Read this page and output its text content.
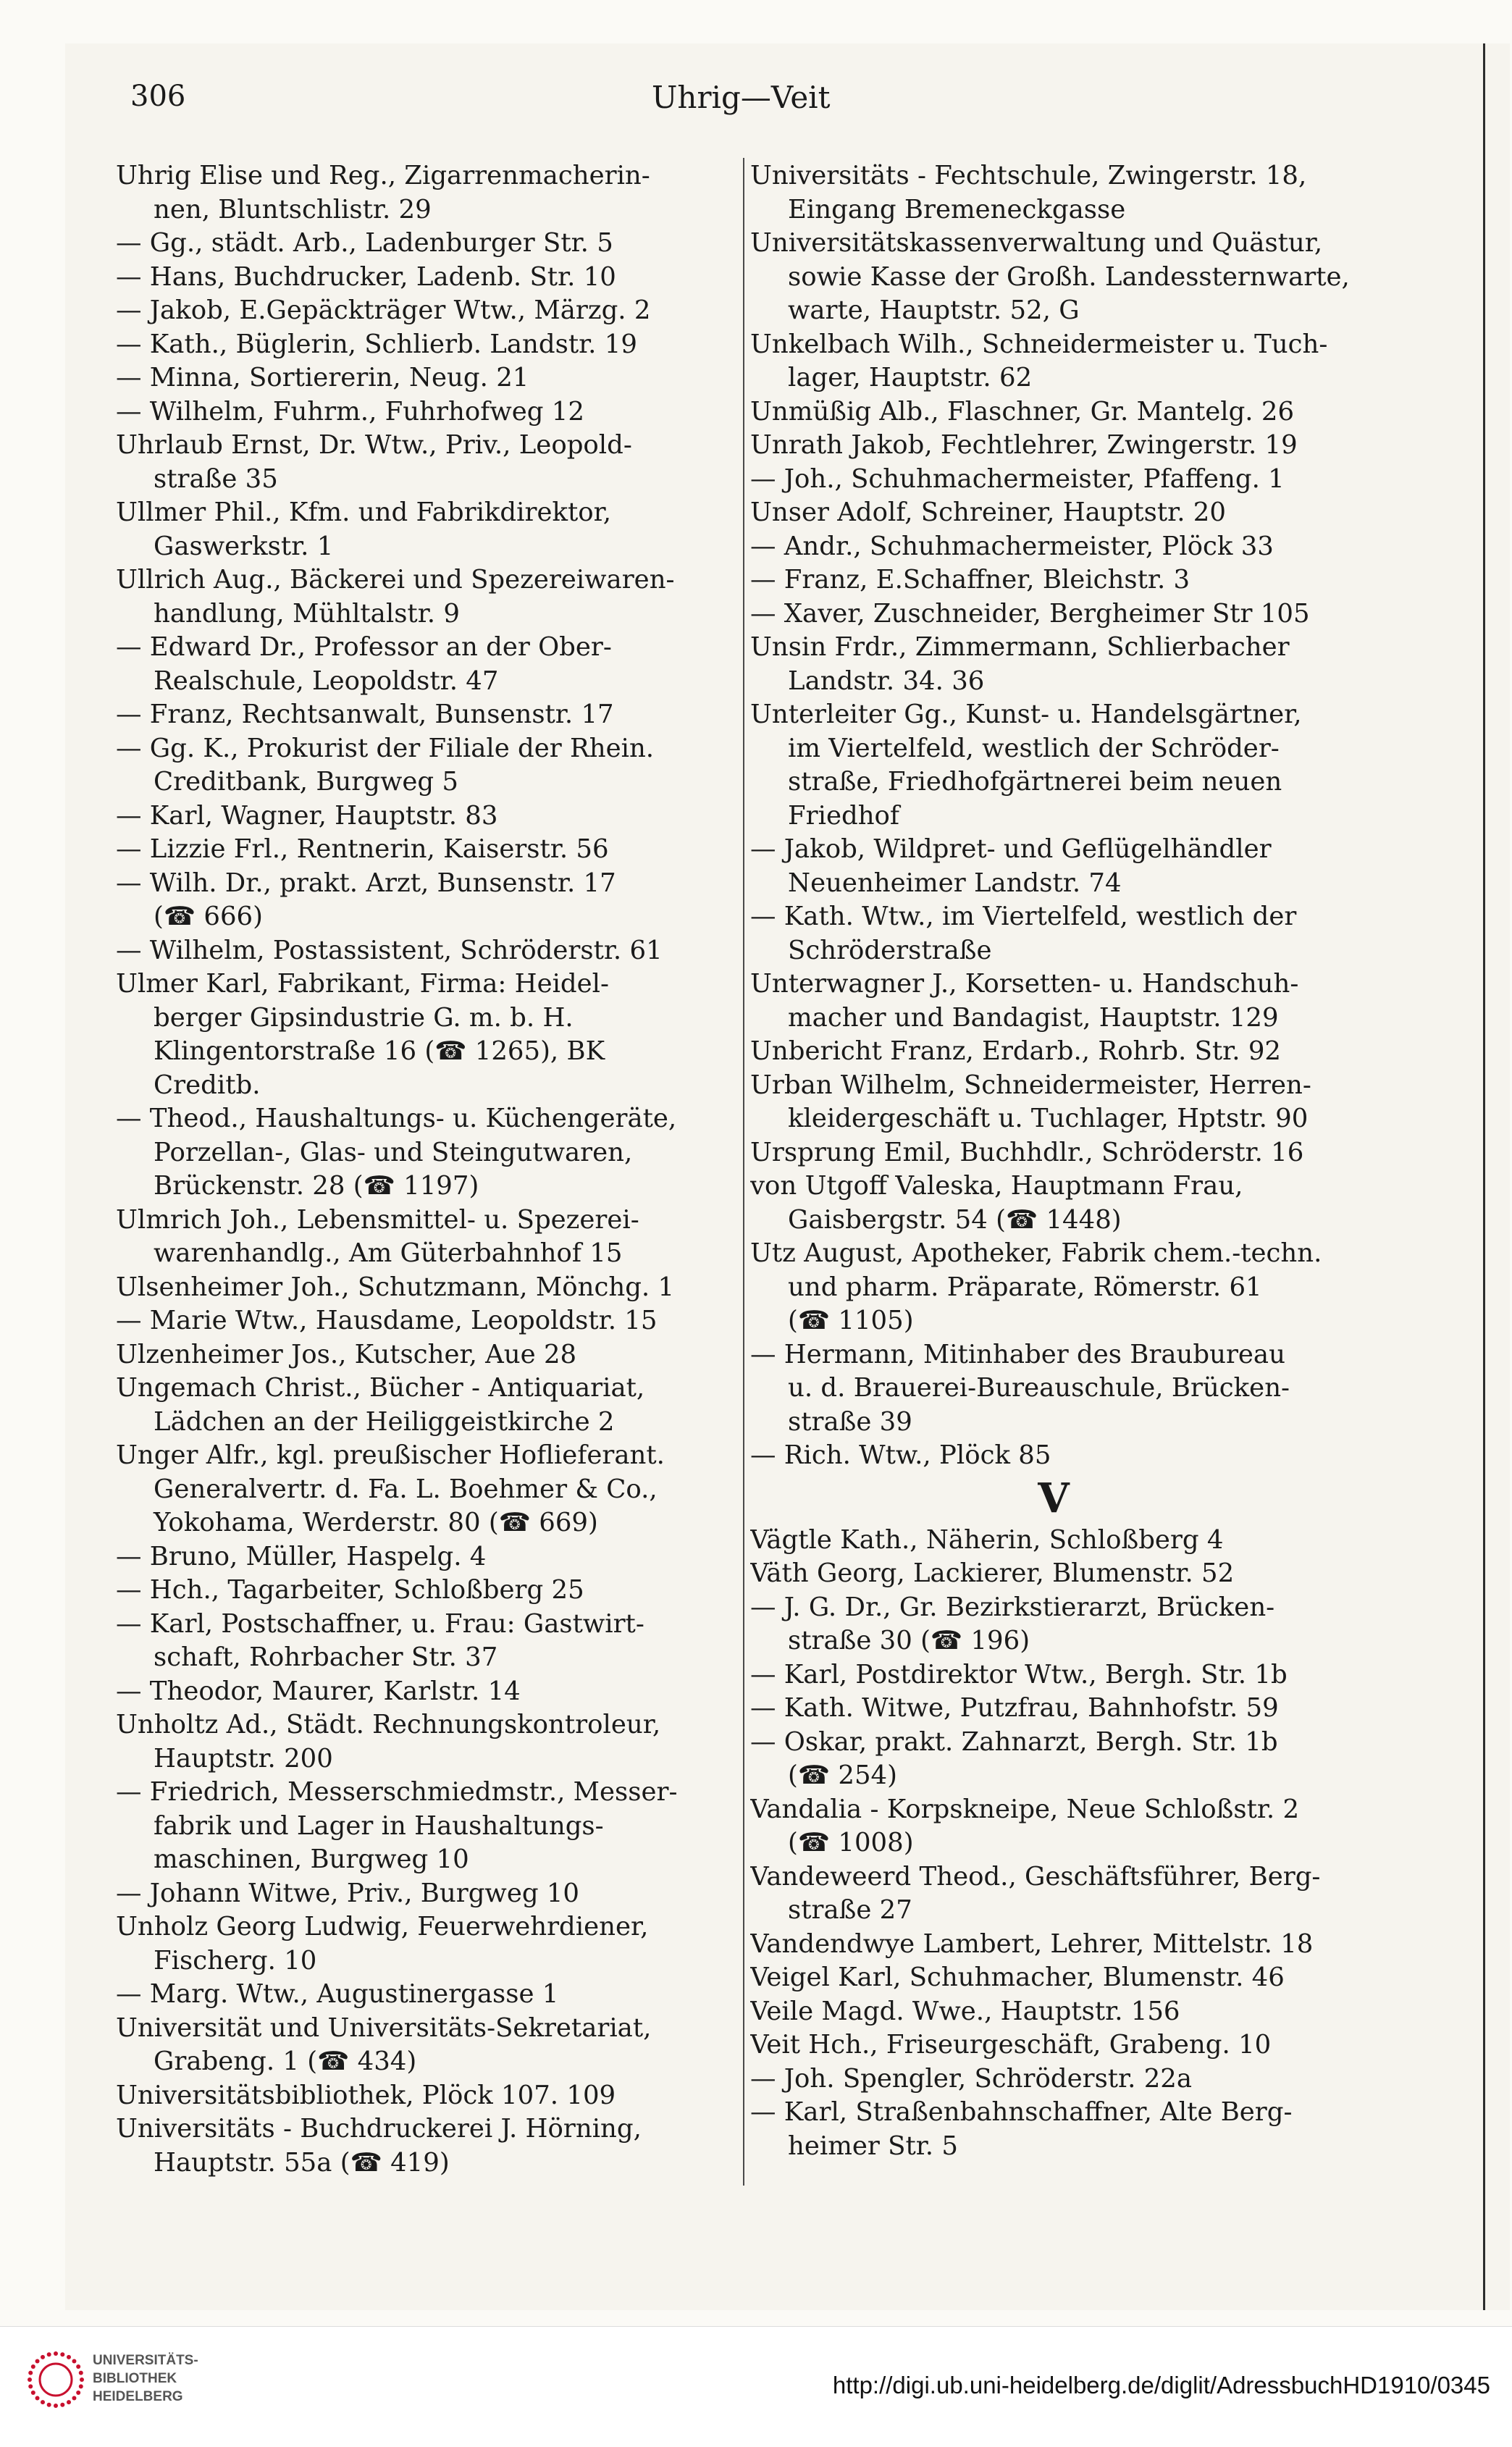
306	Uhrig—Veit
Uhrig Elise und Reg., Zigarrenmacherin-
nen, Bluntschlistr. 29
— Gg., städt. Arb., Ladenburger Str. 5
— Hans, Buchdrucker, Ladenb. Str. 10
— Jakob, E.Gepäckträger Wtw., Märzg. 2
— Kath., Büglerin, Schlierb. Landstr. 19
— Minna, Sortiererin, Neug. 21
— Wilhelm, Fuhrm., Fuhrhofweg 12
Uhrlaub Ernst, Dr. Wtw., Priv., Leopold-
straße 35
Ullmer Phil., Kfm. und Fabrikdirektor,
Gaswerkstr. 1
Ullrich Aug., Bäckerei und Spezereiwaren-
handlung, Mühltalstr. 9
— Edward Dr., Professor an der Ober-
Realschule, Leopoldstr. 47
— Franz, Rechtsanwalt, Bunsenstr. 17
— Gg. K., Prokurist der Filiale der Rhein.
Creditbank, Burgweg 5
— Karl, Wagner, Hauptstr. 83
— Lizzie Frl., Rentnerin, Kaiserstr. 56
— Wilh. Dr., prakt. Arzt, Bunsenstr. 17
(☎ 666)
— Wilhelm, Postassistent, Schröderstr. 61
Ulmer Karl, Fabrikant, Firma: Heidel-
berger Gipsindustrie G. m. b. H.
Klingentorstraße 16 (☎ 1265), BK
Creditb.
— Theod., Haushaltungs- u. Küchengeräte,
Porzellan-, Glas- und Steingutwaren,
Brückenstr. 28 (☎ 1197)
Ulmrich Joh., Lebensmittel- u. Spezerei-
warenhandlg., Am Güterbahnhof 15
Ulsenheimer Joh., Schutzmann, Mönchg. 1
— Marie Wtw., Hausdame, Leopoldstr. 15
Ulzenheimer Jos., Kutscher, Aue 28
Ungemach Christ., Bücher - Antiquariat,
Lädchen an der Heiliggeistkirche 2
Unger Alfr., kgl. preußischer Hoflieferant.
Generalvertr. d. Fa. L. Boehmer & Co.,
Yokohama, Werderstr. 80 (☎ 669)
— Bruno, Müller, Haspelg. 4
— Hch., Tagarbeiter, Schloßberg 25
— Karl, Postschaffner, u. Frau: Gastwirt-
schaft, Rohrbacher Str. 37
— Theodor, Maurer, Karlstr. 14
Unholtz Ad., Städt. Rechnungskontroleur,
Hauptstr. 200
— Friedrich, Messerschmiedmstr., Messer-
fabrik und Lager in Haushaltungs-
maschinen, Burgweg 10
— Johann Witwe, Priv., Burgweg 10
Unholz Georg Ludwig, Feuerwehrdiener,
Fischerg. 10
— Marg. Wtw., Augustinergasse 1
Universität und Universitäts-Sekretariat,
Grabeng. 1 (☎ 434)
Universitätsbibliothek, Plöck 107. 109
Universitäts - Buchdruckerei J. Hörning,
Hauptstr. 55a (☎ 419)
Universitäts - Fechtschule, Zwingerstr. 18,
Eingang Bremeneckgasse
Universitätskassenverwaltung und Quästur,
sowie Kasse der Großh. Landessternwarte,
warte, Hauptstr. 52, G
Unkelbach Wilh., Schneidermeister u. Tuch-
lager, Hauptstr. 62
Unmüßig Alb., Flaschner, Gr. Mantelg. 26
Unrath Jakob, Fechtlehrer, Zwingerstr. 19
— Joh., Schuhmachermeister, Pfaffeng. 1
Unser Adolf, Schreiner, Hauptstr. 20
— Andr., Schuhmachermeister, Plöck 33
— Franz, E.Schaffner, Bleichstr. 3
— Xaver, Zuschneider, Bergheimer Str 105
Unsin Frdr., Zimmermann, Schlierbacher
Landstr. 34. 36
Unterleiter Gg., Kunst- u. Handelsgärtner,
im Viertelfeld, westlich der Schröder-
straße, Friedhofgärtnerei beim neuen
Friedhof
— Jakob, Wildpret- und Geflügelhändler
Neuenheimer Landstr. 74
— Kath. Wtw., im Viertelfeld, westlich der
Schröderstraße
Unterwagner J., Korsetten- u. Handschuh-
macher und Bandagist, Hauptstr. 129
Unbericht Franz, Erdarb., Rohrb. Str. 92
Urban Wilhelm, Schneidermeister, Herren-
kleidergeschäft u. Tuchlager, Hptstr. 90
Ursprung Emil, Buchhdlr., Schröderstr. 16
von Utgoff Valeska, Hauptmann Frau,
Gaisbergstr. 54 (☎ 1448)
Utz August, Apotheker, Fabrik chem.-techn.
und pharm. Präparate, Römerstr. 61
(☎ 1105)
— Hermann, Mitinhaber des Braubureau
u. d. Brauerei-Bureauschule, Brücken-
straße 39
— Rich. Wtw., Plöck 85
V
Vägtle Kath., Näherin, Schloßberg 4
Väth Georg, Lackierer, Blumenstr. 52
— J. G. Dr., Gr. Bezirkstierarzt, Brücken-
straße 30 (☎ 196)
— Karl, Postdirektor Wtw., Bergh. Str. 1b
— Kath. Witwe, Putzfrau, Bahnhofstr. 59
— Oskar, prakt. Zahnarzt, Bergh. Str. 1b
(☎ 254)
Vandalia - Korpskneipe, Neue Schloßstr. 2
(☎ 1008)
Vandeweerd Theod., Geschäftsführer, Berg-
straße 27
Vandendwye Lambert, Lehrer, Mittelstr. 18
Veigel Karl, Schuhmacher, Blumenstr. 46
Veile Magd. Wwe., Hauptstr. 156
Veit Hch., Friseurgeschäft, Grabeng. 10
— Joh. Spengler, Schröderstr. 22a
— Karl, Straßenbahnschaffner, Alte Berg-
heimer Str. 5
UNIVERSITÄTS-
BIBLIOTHEK
HEIDELBERG	http://digi.ub.uni-heidelberg.de/diglit/AdressbuchHD1910/0345
